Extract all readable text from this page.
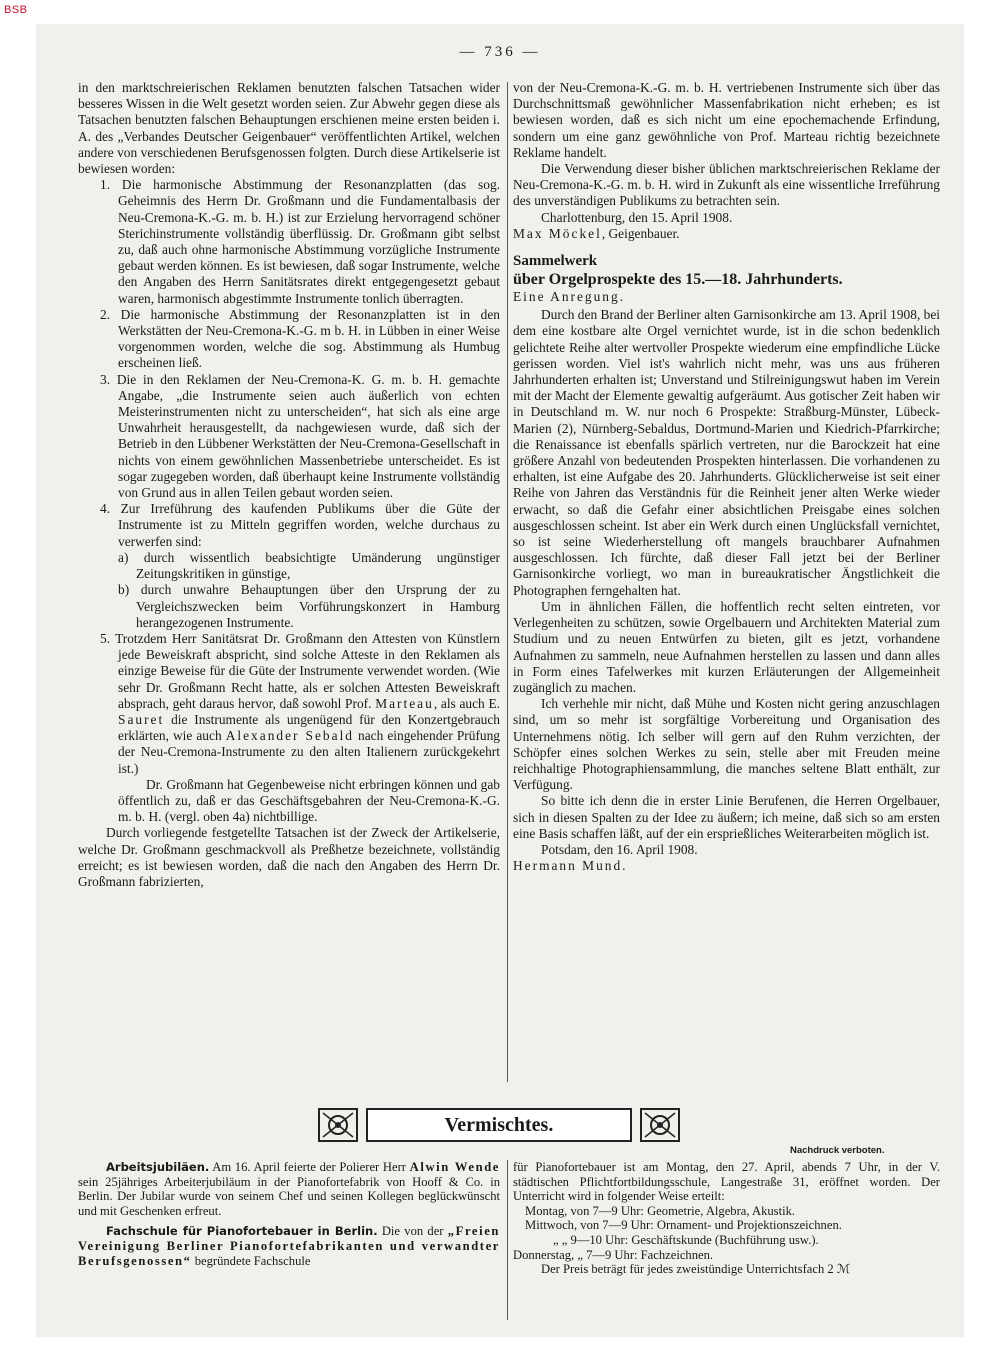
BSB
— 736 —

in den marktschreierischen Reklamen benutzten falschen Tatsachen wider besseres Wissen in die Welt gesetzt worden seien. Zur Abwehr gegen diese als Tatsachen benutzten falschen Behauptungen erschienen meine ersten beiden i. A. des „Verbandes Deutscher Geigenbauer“ veröffentlichten Artikel, welchen andere von verschiedenen Berufsgenossen folgten. Durch diese Artikelserie ist bewiesen worden:

1. Die harmonische Abstimmung der Resonanzplatten (das sog. Geheimnis des Herrn Dr. Großmann und die Fundamentalbasis der Neu-Cremona-K.-G. m. b. H.) ist zur Erzielung hervorragend schöner Sterichinstrumente vollständig überflüssig. Dr. Großmann gibt selbst zu, daß auch ohne harmonische Abstimmung vorzügliche Instrumente gebaut werden können. Es ist bewiesen, daß sogar Instrumente, welche den Angaben des Herrn Sanitätsrates direkt entgegengesetzt gebaut waren, harmonisch abgestimmte Instrumente tonlich überragten.

2. Die harmonische Abstimmung der Resonanzplatten ist in den Werkstätten der Neu-Cremona-K.-G. m b. H. in Lübben in einer Weise vorgenommen worden, welche die sog. Abstimmung als Humbug erscheinen ließ.

3. Die in den Reklamen der Neu-Cremona-K. G. m. b. H. gemachte Angabe, „die Instrumente seien auch äußerlich von echten Meisterinstrumenten nicht zu unterscheiden“, hat sich als eine arge Unwahrheit herausgestellt, da nachgewiesen wurde, daß sich der Betrieb in den Lübbener Werkstätten der Neu-Cremona-Gesellschaft in nichts von einem gewöhnlichen Massenbetriebe unterscheidet. Es ist sogar zugegeben worden, daß überhaupt keine Instrumente vollständig von Grund aus in allen Teilen gebaut worden seien.

4. Zur Irreführung des kaufenden Publikums über die Güte der Instrumente ist zu Mitteln gegriffen worden, welche durchaus zu verwerfen sind:

a) durch wissentlich beabsichtigte Umänderung ungünstiger Zeitungskritiken in günstige,

b) durch unwahre Behauptungen über den Ursprung der zu Vergleichszwecken beim Vorführungskonzert in Hamburg herangezogenen Instrumente.

5. Trotzdem Herr Sanitätsrat Dr. Großmann den Attesten von Künstlern jede Beweiskraft abspricht, sind solche Atteste in den Reklamen als einzige Beweise für die Güte der Instrumente verwendet worden. (Wie sehr Dr. Großmann Recht hatte, als er solchen Attesten Beweiskraft absprach, geht daraus hervor, daß sowohl Prof. Marteau, als auch E. Sauret die Instrumente als ungenügend für den Konzertgebrauch erklärten, wie auch Alexander Sebald nach eingehender Prüfung der Neu-Cremona-Instrumente zu den alten Italienern zurückgekehrt ist.)

Dr. Großmann hat Gegenbeweise nicht erbringen können und gab öffentlich zu, daß er das Geschäftsgebahren der Neu-Cremona-K.-G. m. b. H. (vergl. oben 4a) nichtbillige.

Durch vorliegende festgetellte Tatsachen ist der Zweck der Artikelserie, welche Dr. Großmann geschmackvoll als Preßhetze bezeichnete, vollständig erreicht; es ist bewiesen worden, daß die nach den Angaben des Herrn Dr. Großmann fabrizierten,

von der Neu-Cremona-K.-G. m. b. H. vertriebenen Instrumente sich über das Durchschnittsmaß gewöhnlicher Massenfabrikation nicht erheben; es ist bewiesen worden, daß es sich nicht um eine epochemachende Erfindung, sondern um eine ganz gewöhnliche von Prof. Marteau richtig bezeichnete Reklame handelt.

Die Verwendung dieser bisher üblichen marktschreierischen Reklame der Neu-Cremona-K.-G. m. b. H. wird in Zukunft als eine wissentliche Irreführung des unverständigen Publikums zu betrachten sein.

Charlottenburg, den 15. April 1908.

Max Möckel, Geigenbauer.

Sammelwerk

über Orgelprospekte des 15.—18. Jahrhunderts.

Eine Anregung.

Durch den Brand der Berliner alten Garnisonkirche am 13. April 1908, bei dem eine kostbare alte Orgel vernichtet wurde, ist in die schon bedenklich gelichtete Reihe alter wertvoller Prospekte wiederum eine empfindliche Lücke gerissen worden. Viel ist's wahrlich nicht mehr, was uns aus früheren Jahrhunderten erhalten ist; Unverstand und Stilreinigungswut haben im Verein mit der Macht der Elemente gewaltig aufgeräumt. Aus gotischer Zeit haben wir in Deutschland m. W. nur noch 6 Prospekte: Straßburg-Münster, Lübeck-Marien (2), Nürnberg-Sebaldus, Dortmund-Marien und Kiedrich-Pfarrkirche; die Renaissance ist ebenfalls spärlich vertreten, nur die Barockzeit hat eine größere Anzahl von bedeutenden Prospekten hinterlassen. Die vorhandenen zu erhalten, ist eine Aufgabe des 20. Jahrhunderts. Glücklicherweise ist seit einer Reihe von Jahren das Verständnis für die Reinheit jener alten Werke wieder erwacht, so daß die Gefahr einer absichtlichen Preisgabe eines solchen ausgeschlossen scheint. Ist aber ein Werk durch einen Unglücksfall vernichtet, so ist seine Wiederherstellung oft mangels brauchbarer Aufnahmen ausgeschlossen. Ich fürchte, daß dieser Fall jetzt bei der Berliner Garnisonkirche vorliegt, wo man in bureaukratischer Ängstlichkeit die Photographen ferngehalten hat.

Um in ähnlichen Fällen, die hoffentlich recht selten eintreten, vor Verlegenheiten zu schützen, sowie Orgelbauern und Architekten Material zum Studium und zu neuen Entwürfen zu bieten, gilt es jetzt, vorhandene Aufnahmen zu sammeln, neue Aufnahmen herstellen zu lassen und dann alles in Form eines Tafelwerkes mit kurzen Erläuterungen der Allgemeinheit zugänglich zu machen.

Ich verhehle mir nicht, daß Mühe und Kosten nicht gering anzuschlagen sind, um so mehr ist sorgfältige Vorbereitung und Organisation des Unternehmens nötig. Ich selber will gern auf den Ruhm verzichten, der Schöpfer eines solchen Werkes zu sein, stelle aber mit Freuden meine reichhaltige Photographiensammlung, die manches seltene Blatt enthält, zur Verfügung.

So bitte ich denn die in erster Linie Berufenen, die Herren Orgelbauer, sich in diesen Spalten zu der Idee zu äußern; ich meine, daß sich so am ersten eine Basis schaffen läßt, auf der ein ersprießliches Weiterarbeiten möglich ist.

Potsdam, den 16. April 1908.

Hermann Mund.

Vermischtes.
Nachdruck verboten.

Arbeitsjubiläen. Am 16. April feierte der Polierer Herr Alwin Wende sein 25jähriges Arbeiterjubiläum in der Pianofortefabrik von Hooff & Co. in Berlin. Der Jubilar wurde von seinem Chef und seinen Kollegen beglückwünscht und mit Geschenken erfreut.

Fachschule für Pianofortebauer in Berlin. Die von der „Freien Vereinigung Berliner Pianofortefabrikanten und verwandter Berufsgenossen“ begründete Fachschule

für Pianofortebauer ist am Montag, den 27. April, abends 7 Uhr, in der V. städtischen Pflichtfortbildungsschule, Langestraße 31, eröffnet worden. Der Unterricht wird in folgender Weise erteilt:

Montag, von 7—9 Uhr: Geometrie, Algebra, Akustik.

Mittwoch, von 7—9 Uhr: Ornament- und Projektionszeichnen.

„ „ 9—10 Uhr: Geschäftskunde (Buchführung usw.).

Donnerstag, „ 7—9 Uhr: Fachzeichnen.

Der Preis beträgt für jedes zweistündige Unterrichtsfach 2 ℳ
